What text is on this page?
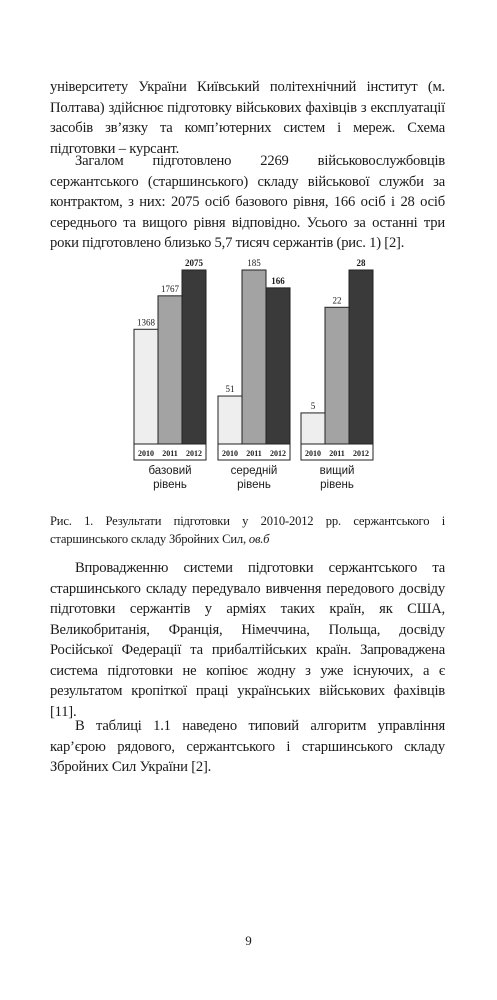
університету України Київський політехнічний інститут (м. Полтава) здійснює підготовку військових фахівців з експлуатації засобів зв’язку та комп’ютерних систем і мереж. Схема підготовки – курсант.
Загалом підготовлено 2269 військовослужбовців сержантського (старшинського) складу військової служби за контрактом, з них: 2075 осіб базового рівня, 166 осіб і 28 осіб середнього та вищого рівня відповідно. Усього за останні три роки підготовлено близько 5,7 тисяч сержантів (рис. 1) [2].
1368
2010
1767
2011
2075
2012
базовий
рівень
51
2010
185
2011
166
2012
середній
рівень
5
2010
22
2011
28
2012
вищий
рівень
Рис. 1. Результати підготовки у 2010-2012 рр. сержантського і старшинського складу Збройних Сил, ов.б
Впровадженню системи підготовки сержантського та старшинського складу передувало вивчення передового досвіду підготовки сержантів у арміях таких країн, як США, Великобританія, Франція, Німеччина, Польща, досвіду Російської Федерації та прибалтійських країн. Запроваджена система підготовки не копіює жодну з уже існуючих, а є результатом кропіткої праці українських військових фахівців [11].
В таблиці 1.1 наведено типовий алгоритм управління кар’єрою рядового, сержантського і старшинського складу Збройних Сил України [2].
9
